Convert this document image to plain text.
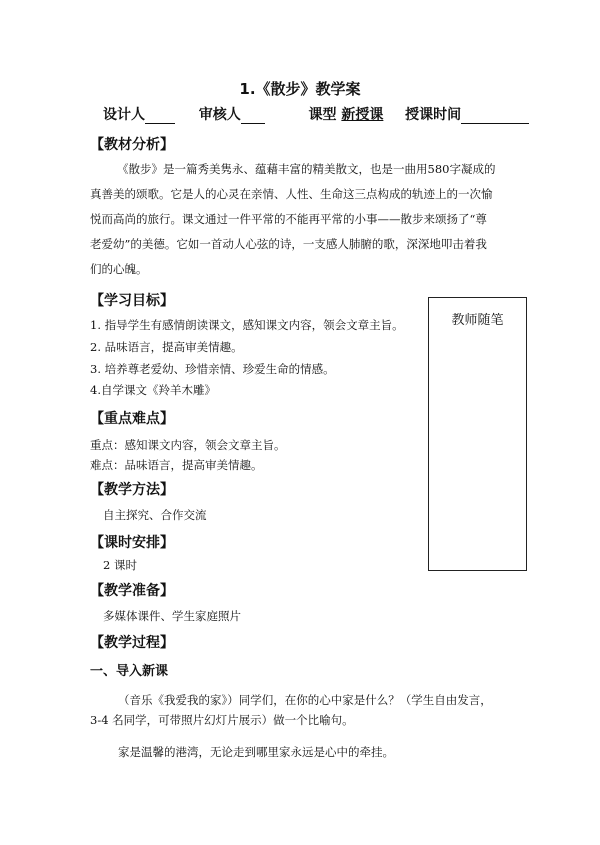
1.《散步》教学案
设计人	审核人	课型 新授课 授课时间
【教材分析】
《散步》是一篇秀美隽永、蕴藉丰富的精美散文，也是一曲用580字凝成的
真善美的颂歌。它是人的心灵在亲情、人性、生命这三点构成的轨迹上的一次愉
悦而高尚的旅行。课文通过一件平常的不能再平常的小事——散步来颂扬了“尊
老爱幼”的美德。它如一首动人心弦的诗，一支感人肺腑的歌，深深地叩击着我
们的心魄。
【学习目标】
1. 指导学生有感情朗读课文，感知课文内容，领会文章主旨。
2. 品味语言，提高审美情趣。
3. 培养尊老爱幼、珍惜亲情、珍爱生命的情感。
4.自学课文《羚羊木雕》
【重点难点】
重点：感知课文内容，领会文章主旨。
难点：品味语言，提高审美情趣。
【教学方法】
自主探究、合作交流
【课时安排】
2 课时
【教学准备】
多媒体课件、学生家庭照片
【教学过程】
一、导入新课
（音乐《我爱我的家》）同学们，在你的心中家是什么？（学生自由发言，
3-4 名同学，可带照片幻灯片展示）做一个比喻句。
家是温馨的港湾，无论走到哪里家永远是心中的牵挂。
教师随笔
